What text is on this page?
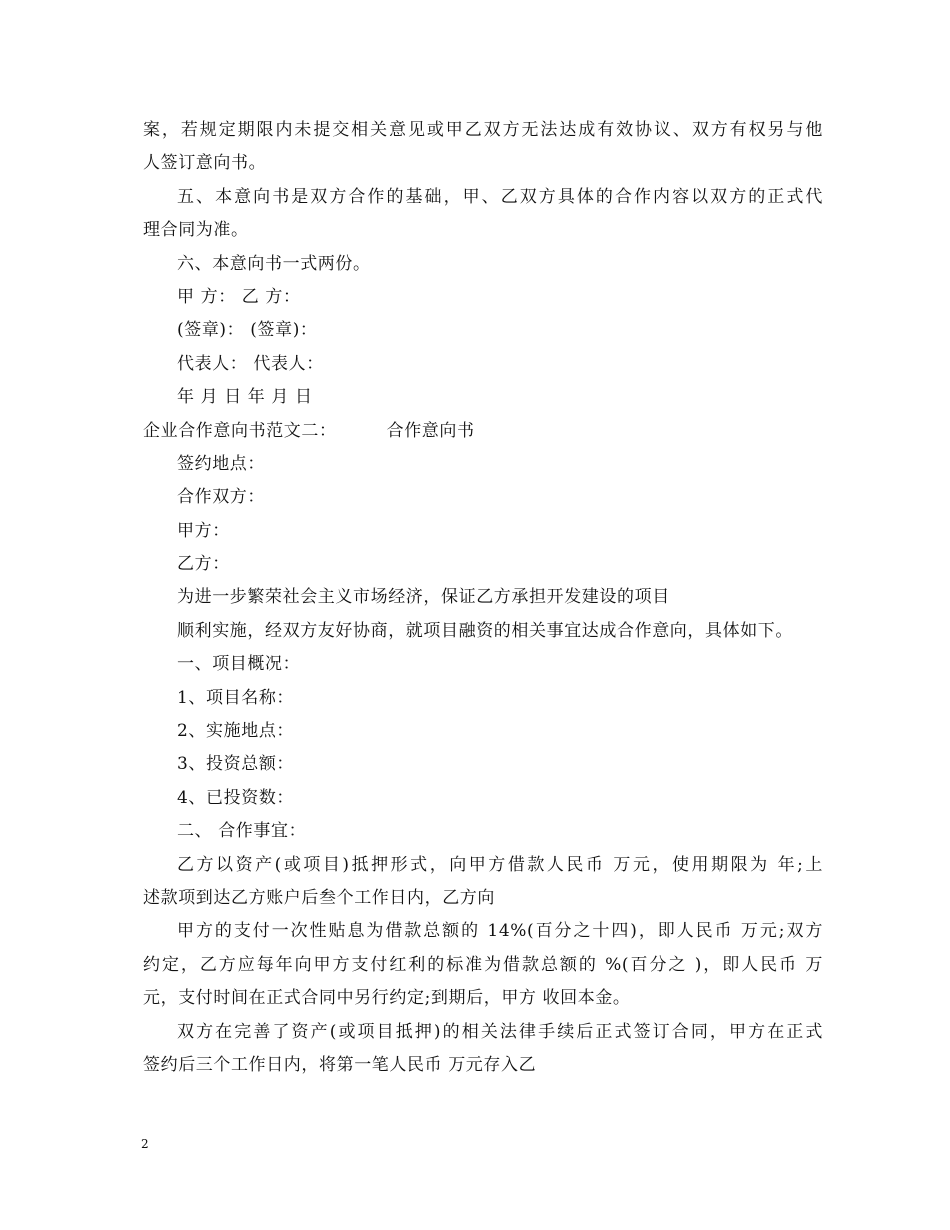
案，若规定期限内未提交相关意见或甲乙双方无法达成有效协议、双方有权另与他
人签订意向书。
五、本意向书是双方合作的基础，甲、乙双方具体的合作内容以双方的正式代
理合同为准。
六、本意向书一式两份。
甲 方： 乙 方：
(签章)： (签章)：
代表人： 代表人：
年 月 日 年 月 日
企业合作意向书范文二：	合作意向书
签约地点：
合作双方：
甲方：
乙方：
为进一步繁荣社会主义市场经济，保证乙方承担开发建设的项目
顺利实施，经双方友好协商，就项目融资的相关事宜达成合作意向，具体如下。
一、项目概况：
1、项目名称：
2、实施地点：
3、投资总额：
4、已投资数：
二、 合作事宜：
乙方以资产(或项目)抵押形式，向甲方借款人民币 万元，使用期限为 年;上
述款项到达乙方账户后叁个工作日内，乙方向
甲方的支付一次性贴息为借款总额的 14%(百分之十四)，即人民币 万元;双方
约定，乙方应每年向甲方支付红利的标准为借款总额的 %(百分之 )，即人民币 万
元，支付时间在正式合同中另行约定;到期后，甲方 收回本金。
双方在完善了资产(或项目抵押)的相关法律手续后正式签订合同，甲方在正式
签约后三个工作日内，将第一笔人民币 万元存入乙
2
